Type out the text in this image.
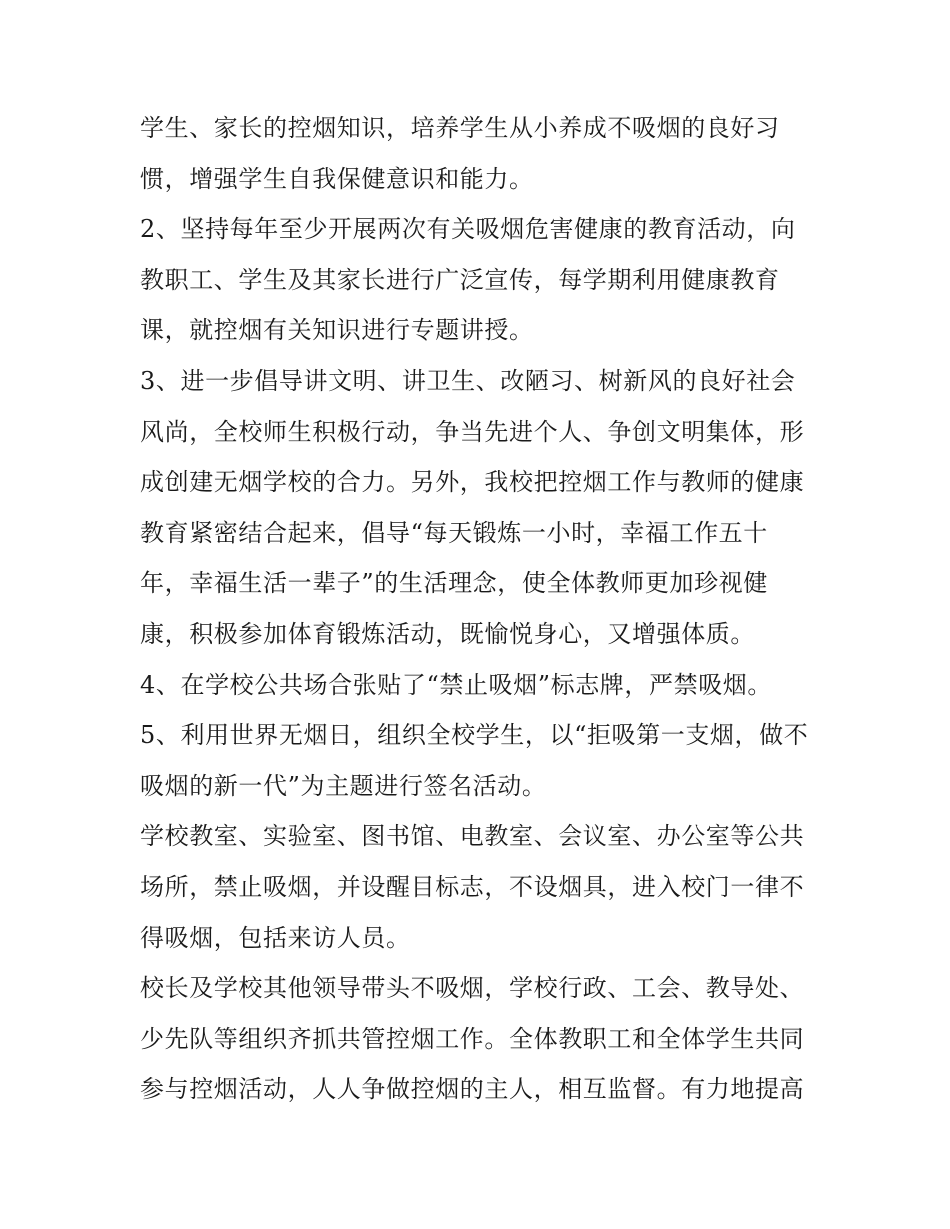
学生、家长的控烟知识，培养学生从小养成不吸烟的良好习
惯，增强学生自我保健意识和能力。
2、坚持每年至少开展两次有关吸烟危害健康的教育活动，向
教职工、学生及其家长进行广泛宣传，每学期利用健康教育
课，就控烟有关知识进行专题讲授。
3、进一步倡导讲文明、讲卫生、改陋习、树新风的良好社会
风尚，全校师生积极行动，争当先进个人、争创文明集体，形
成创建无烟学校的合力。另外，我校把控烟工作与教师的健康
教育紧密结合起来，倡导“每天锻炼一小时，幸福工作五十
年，幸福生活一辈子”的生活理念，使全体教师更加珍视健
康，积极参加体育锻炼活动，既愉悦身心，又增强体质。
4、在学校公共场合张贴了“禁止吸烟”标志牌，严禁吸烟。
5、利用世界无烟日，组织全校学生，以“拒吸第一支烟，做不
吸烟的新一代”为主题进行签名活动。
学校教室、实验室、图书馆、电教室、会议室、办公室等公共
场所，禁止吸烟，并设醒目标志，不设烟具，进入校门一律不
得吸烟，包括来访人员。
校长及学校其他领导带头不吸烟，学校行政、工会、教导处、
少先队等组织齐抓共管控烟工作。全体教职工和全体学生共同
参与控烟活动，人人争做控烟的主人，相互监督。有力地提高
